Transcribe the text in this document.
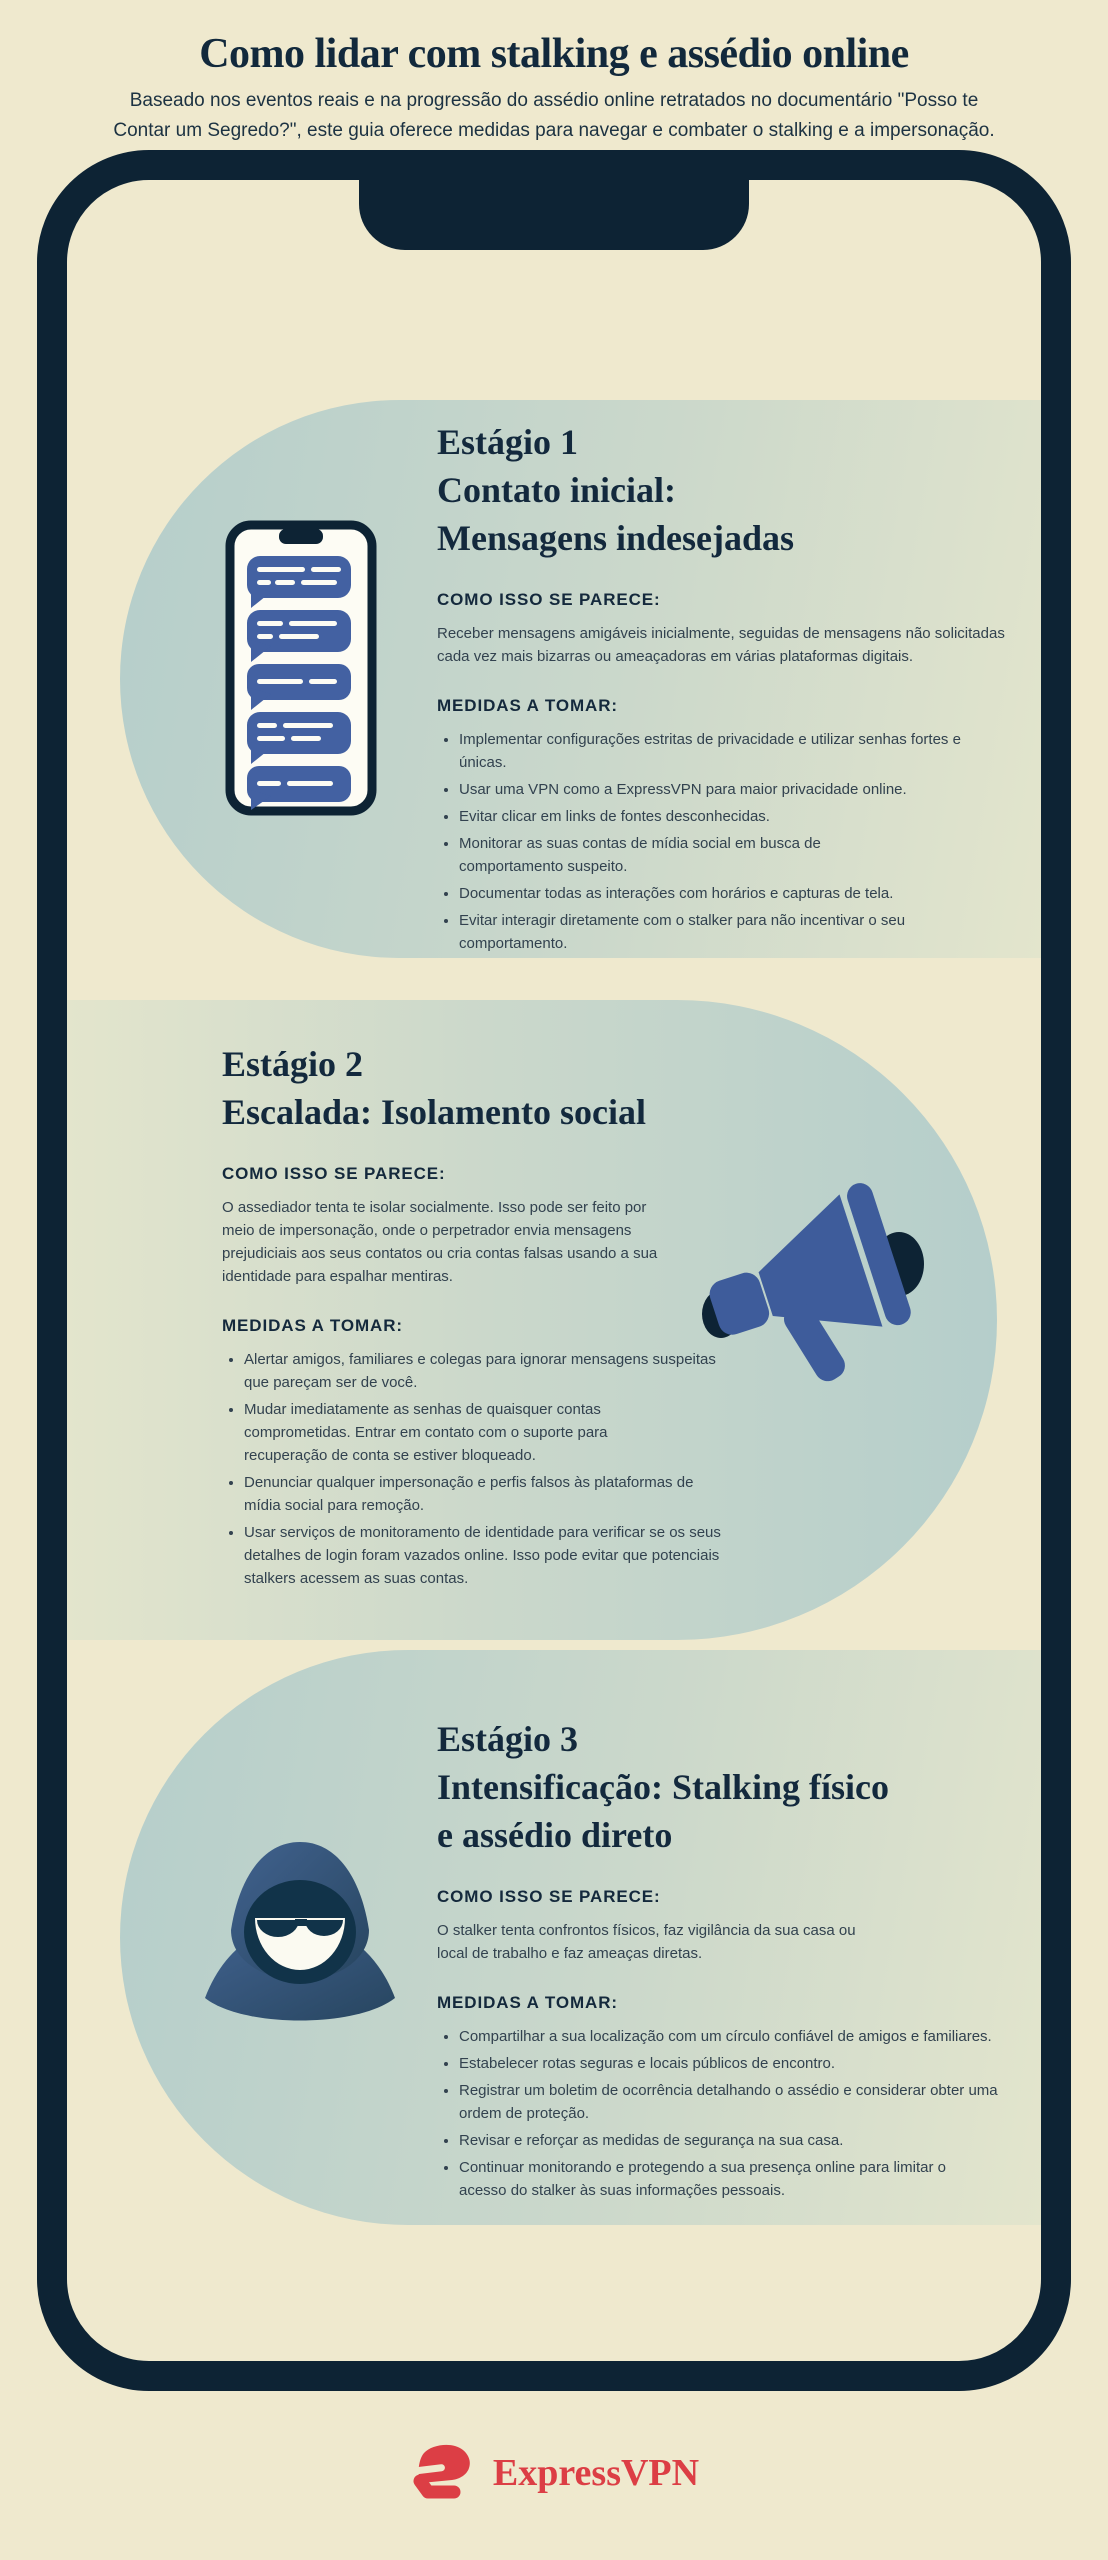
Como lidar com stalking e assédio online
Baseado nos eventos reais e na progressão do assédio online retratados no documentário "Posso te Contar um Segredo?", este guia oferece medidas para navegar e combater o stalking e a impersonação.
Estágio 1
Contato inicial:
Mensagens indesejadas
COMO ISSO SE PARECE:
Receber mensagens amigáveis inicialmente, seguidas de mensagens não solicitadas cada vez mais bizarras ou ameaçadoras em várias plataformas digitais.
MEDIDAS A TOMAR:
• Implementar configurações estritas de privacidade e utilizar senhas fortes e únicas.
• Usar uma VPN como a ExpressVPN para maior privacidade online.
• Evitar clicar em links de fontes desconhecidas.
• Monitorar as suas contas de mídia social em busca de comportamento suspeito.
• Documentar todas as interações com horários e capturas de tela.
• Evitar interagir diretamente com o stalker para não incentivar o seu comportamento.
Estágio 2
Escalada: Isolamento social
COMO ISSO SE PARECE:
O assediador tenta te isolar socialmente. Isso pode ser feito por meio de impersonação, onde o perpetrador envia mensagens prejudiciais aos seus contatos ou cria contas falsas usando a sua identidade para espalhar mentiras.
MEDIDAS A TOMAR:
• Alertar amigos, familiares e colegas para ignorar mensagens suspeitas que pareçam ser de você.
• Mudar imediatamente as senhas de quaisquer contas comprometidas. Entrar em contato com o suporte para recuperação de conta se estiver bloqueado.
• Denunciar qualquer impersonação e perfis falsos às plataformas de mídia social para remoção.
• Usar serviços de monitoramento de identidade para verificar se os seus detalhes de login foram vazados online. Isso pode evitar que potenciais stalkers acessem as suas contas.
Estágio 3
Intensificação: Stalking físico
e assédio direto
COMO ISSO SE PARECE:
O stalker tenta confrontos físicos, faz vigilância da sua casa ou local de trabalho e faz ameaças diretas.
MEDIDAS A TOMAR:
• Compartilhar a sua localização com um círculo confiável de amigos e familiares.
• Estabelecer rotas seguras e locais públicos de encontro.
• Registrar um boletim de ocorrência detalhando o assédio e considerar obter uma ordem de proteção.
• Revisar e reforçar as medidas de segurança na sua casa.
• Continuar monitorando e protegendo a sua presença online para limitar o acesso do stalker às suas informações pessoais.
ExpressVPN
